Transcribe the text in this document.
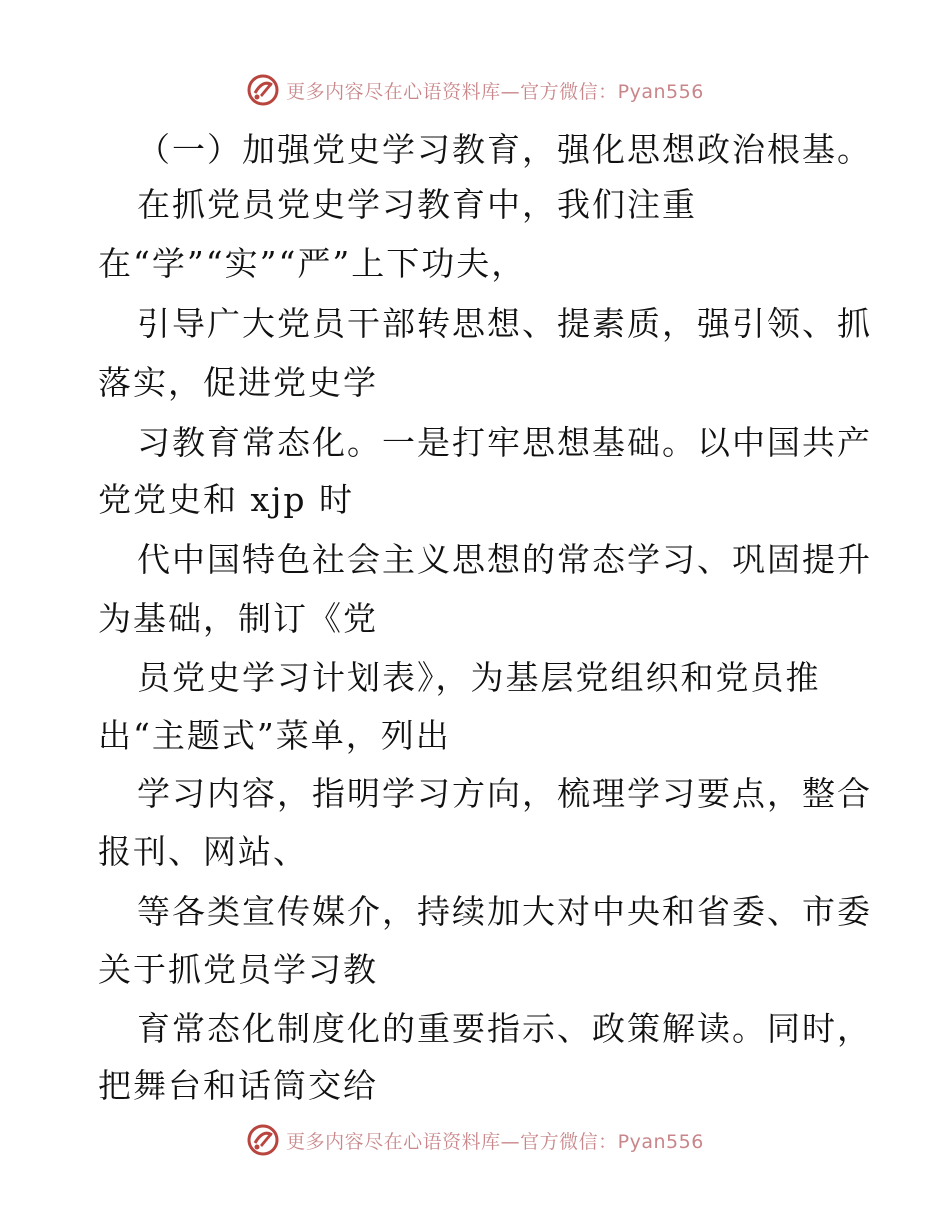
更多内容尽在心语资料库—官方微信：Pyan556
（一）加强党史学习教育，强化思想政治根基。
在抓党员党史学习教育中，我们注重
在“学”“实”“严”上下功夫，
引导广大党员干部转思想、提素质，强引领、抓
落实，促进党史学
习教育常态化。一是打牢思想基础。以中国共产
党党史和 xjp 时
代中国特色社会主义思想的常态学习、巩固提升
为基础，制订《党
员党史学习计划表》，为基层党组织和党员推
出“主题式”菜单，列出
学习内容，指明学习方向，梳理学习要点，整合
报刊、网站、
等各类宣传媒介，持续加大对中央和省委、市委
关于抓党员学习教
育常态化制度化的重要指示、政策解读。同时，
把舞台和话筒交给
更多内容尽在心语资料库—官方微信：Pyan556
